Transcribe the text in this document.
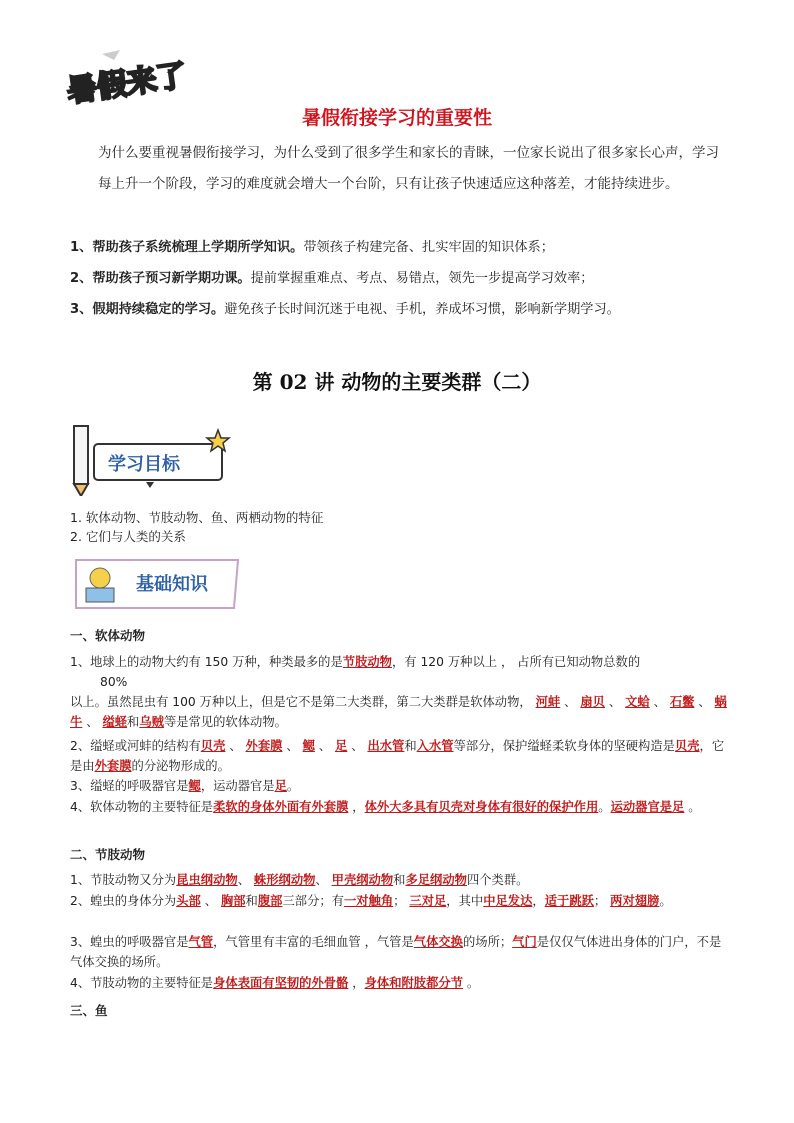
暑假来了
暑假衔接学习的重要性
为什么要重视暑假衔接学习，为什么受到了很多学生和家长的青睐，一位家长说出了很多家长心声，学习每上升一个阶段，学习的难度就会增大一个台阶，只有让孩子快速适应这种落差，才能持续进步。
1、帮助孩子系统梳理上学期所学知识。带领孩子构建完备、扎实牢固的知识体系；
2、帮助孩子预习新学期功课。提前掌握重难点、考点、易错点，领先一步提高学习效率；
3、假期持续稳定的学习。避免孩子长时间沉迷于电视、手机，养成坏习惯，影响新学期学习。
第 02 讲 动物的主要类群（二）
学习目标
1. 软体动物、节肢动物、鱼、两栖动物的特征
2. 它们与人类的关系
基础知识
一、软体动物
1、地球上的动物大约有 150 万种，种类最多的是节肢动物，有 120 万种以上 ， 占所有已知动物总数的
80%
以上。虽然昆虫有 100 万种以上，但是它不是第二大类群，第二大类群是软体动物， 河蚌 、 扇贝 、 文蛤 、 石鳖 、 蜗牛 、 缢蛏和乌贼等是常见的软体动物。
2、缢蛏或河蚌的结构有贝壳 、 外套膜 、 鳃 、 足 、 出水管和入水管等部分，保护缢蛏柔软身体的坚硬构造是贝壳，它是由外套膜的分泌物形成的。
3、缢蛏的呼吸器官是鳃，运动器官是足。
4、软体动物的主要特征是柔软的身体外面有外套膜 ，体外大多具有贝壳对身体有很好的保护作用。运动器官是足 。
二、节肢动物
1、节肢动物又分为昆虫纲动物、 蛛形纲动物、 甲壳纲动物和多足纲动物四个类群。
2、蝗虫的身体分为头部 、 胸部和腹部三部分；有一对触角； 三对足，其中中足发达，适于跳跃； 两对翅膀。
3、蝗虫的呼吸器官是气管，气管里有丰富的毛细血管 ，气管是气体交换的场所；气门是仅仅气体进出身体的门户，不是气体交换的场所。
4、节肢动物的主要特征是身体表面有坚韧的外骨骼 ，身体和附肢都分节 。
三、鱼
